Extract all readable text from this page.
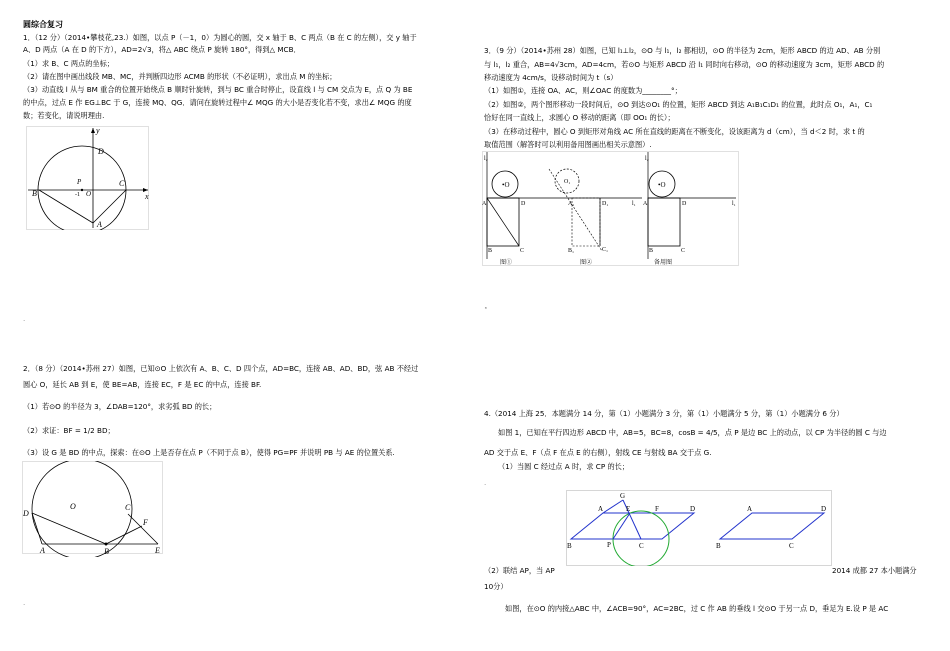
圆综合复习
1．（12 分）（2014•攀枝花,23.）如图，以点 P（－1，0）为圆心的圆，交 x 轴于 B、C 两点（B 在 C 的左侧），交 y 轴于
A、D 两点（A 在 D 的下方），AD=2√3，将△ ABC 绕点 P 旋转 180°，得到△ MCB．
（1）求 B、C 两点的坐标；
（2）请在图中画出线段 MB、MC，并判断四边形 ACMB 的形状（不必证明），求出点 M 的坐标；
（3）动直线 l 从与 BM 重合的位置开始绕点 B 顺时针旋转，到与 BC 重合时停止，设直线 l 与 CM 交点为 E，点 Q 为 BE
的中点，过点 E 作 EG⊥BC 于 G，连接 MQ、QG．请问在旋转过程中∠ MQG 的大小是否变化若不变，求出∠ MQG 的度
数；若变化，请说明理由.
y
x
D
P
-1 O
B
C
A
·
2．（8 分）（2014•苏州 27）如图，已知⊙O 上依次有 A、B、C、D 四个点，AD=BC，连接 AB、AD、BD，弦 AB 不经过
圆心 O，延长 AB 到 E，使 BE=AB，连接 EC，F 是 EC 的中点，连接 BF.
（1）若⊙O 的半径为 3，∠DAB=120°，求劣弧 BD 的长；
（2）求证：BF = 1/2 BD；
（3）设 G 是 BD 的中点，探索：在⊙O 上是否存在点 P（不同于点 B），使得 PG=PF 并说明 PB 与 AE 的位置关系.
O
D
C
F
A	B	E
·
3．（9 分）（2014•苏州 28）如图，已知 l₁⊥l₂，⊙O 与 l₁，l₂ 都相切，⊙O 的半径为 2cm，矩形 ABCD 的边 AD、AB 分别
与 l₁，l₂ 重合，AB=4√3cm，AD=4cm，若⊙O 与矩形 ABCD 沿 l₁ 同时向右移动，⊙O 的移动速度为 3cm，矩形 ABCD 的
移动速度为 4cm/s，设移动时间为 t（s）
（1）如图①，连接 OA、AC，则∠OAC 的度数为________°；
（2）如图②，两个图形移动一段时间后，⊙O 到达⊙O₁ 的位置，矩形 ABCD 到达 A₁B₁C₁D₁ 的位置，此时点 O₁，A₁，C₁
恰好在同一直线上，求圆心 O 移动的距离（即 OO₁ 的长）；
（3）在移动过程中，圆心 O 到矩形对角线 AC 所在直线的距离在不断变化，设该距离为 d（cm），当 d＜2 时，求 t 的
取值范围（解答时可以利用备用图画出相关示意图）.
l₂
•O
A	D
B	C
图①
O₁
A₁	D₁	l₁
B₁	C₁
图②
l₂
•O
A	D	l₁
B	C
备用图
˟
4.（2014 上海 25．本题满分 14 分，第（1）小题满分 3 分，第（1）小题满分 5 分，第（1）小题满分 6 分）
如图 1，已知在平行四边形 ABCD 中，AB=5，BC=8，cosB = 4/5，点 P 是边 BC 上的动点，以 CP 为半径的圆 C 与边
AD 交于点 E、F（点 F 在点 E 的右侧），射线 CE 与射线 BA 交于点 G.
（1）当圆 C 经过点 A 时，求 CP 的长；
·
G
A	E	F	D
B	P	C
A	D
B	C
（2）联结 AP，当 AP	2014 成都 27 本小题满分
10分）
如图，在⊙O 的内接△ABC 中，∠ACB=90°，AC=2BC，过 C 作 AB 的垂线 l 交⊙O 于另一点 D，垂足为 E.设 P 是 AC
